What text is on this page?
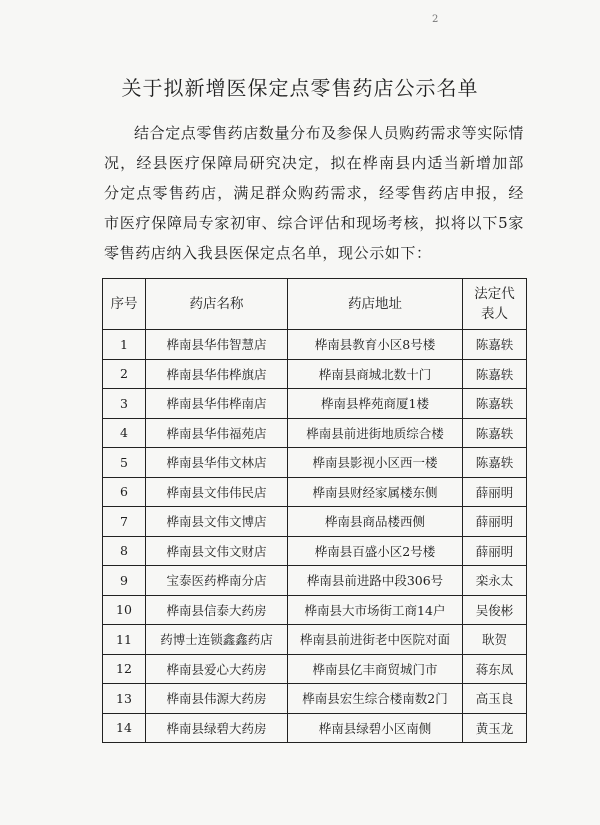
2
关于拟新增医保定点零售药店公示名单
结合定点零售药店数量分布及参保人员购药需求等实际情况，经县医疗保障局研究决定，拟在桦南县内适当新增加部分定点零售药店，满足群众购药需求，经零售药店申报，经市医疗保障局专家初审、综合评估和现场考核，拟将以下5家零售药店纳入我县医保定点名单，现公示如下：
序号	药店名称	药店地址	法定代表人
1	桦南县华伟智慧店	桦南县教育小区8号楼	陈嘉轶
2	桦南县华伟桦旗店	桦南县商城北数十门	陈嘉轶
3	桦南县华伟桦南店	桦南县桦苑商厦1楼	陈嘉轶
4	桦南县华伟福苑店	桦南县前进街地质综合楼	陈嘉轶
5	桦南县华伟文林店	桦南县影视小区西一楼	陈嘉轶
6	桦南县文伟伟民店	桦南县财经家属楼东侧	薛丽明
7	桦南县文伟文博店	桦南县商品楼西侧	薛丽明
8	桦南县文伟文财店	桦南县百盛小区2号楼	薛丽明
9	宝泰医药桦南分店	桦南县前进路中段306号	栾永太
10	桦南县信泰大药房	桦南县大市场街工商14户	吴俊彬
11	药博士连锁鑫鑫药店	桦南县前进街老中医院对面	耿贺
12	桦南县爱心大药房	桦南县亿丰商贸城门市	蒋东凤
13	桦南县伟源大药房	桦南县宏生综合楼南数2门	高玉良
14	桦南县绿碧大药房	桦南县绿碧小区南侧	黄玉龙
